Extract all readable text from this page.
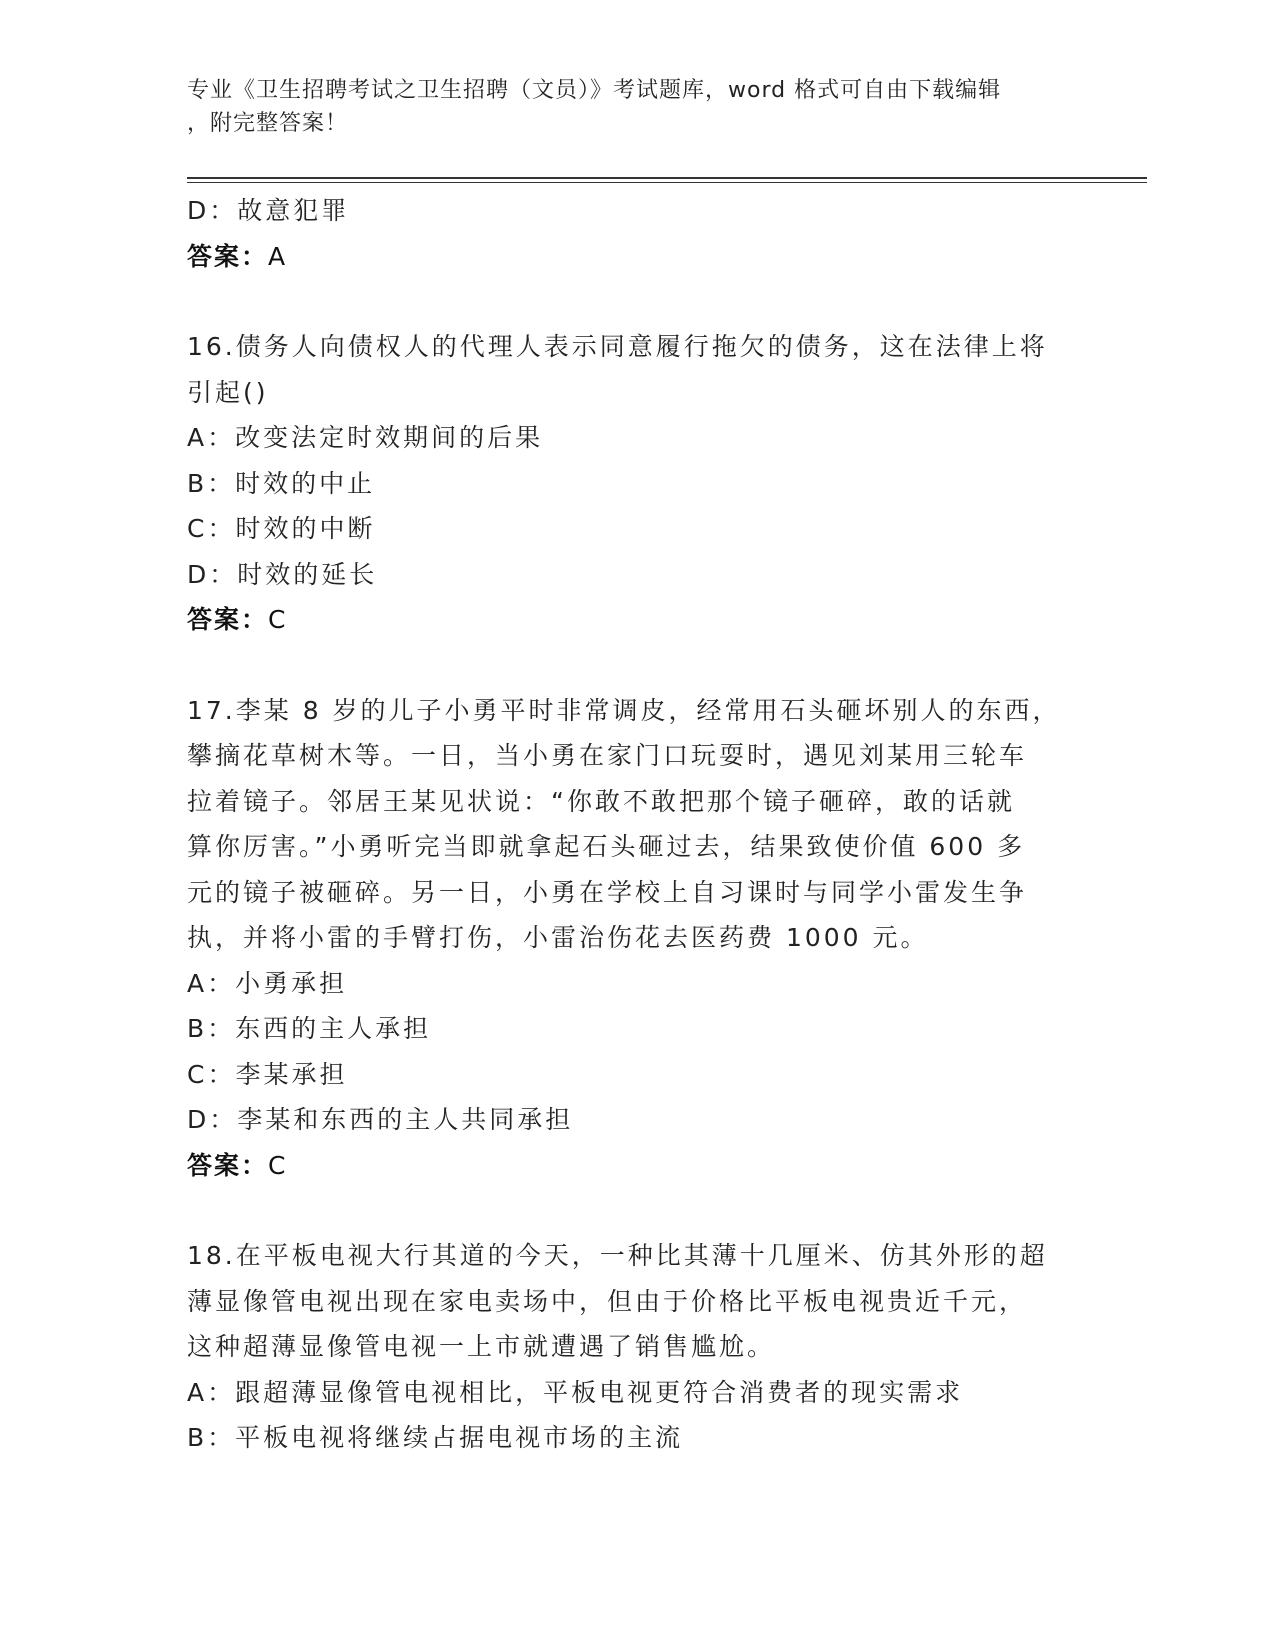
专业《卫生招聘考试之卫生招聘（文员）》考试题库，word 格式可自由下载编辑
，附完整答案！
D：故意犯罪
答案：A
16.债务人向债权人的代理人表示同意履行拖欠的债务，这在法律上将
引起()
A：改变法定时效期间的后果
B：时效的中止
C：时效的中断
D：时效的延长
答案：C
17.李某 8 岁的儿子小勇平时非常调皮，经常用石头砸坏别人的东西，
攀摘花草树木等。一日，当小勇在家门口玩耍时，遇见刘某用三轮车
拉着镜子。邻居王某见状说：“你敢不敢把那个镜子砸碎，敢的话就
算你厉害。”小勇听完当即就拿起石头砸过去，结果致使价值 600 多
元的镜子被砸碎。另一日，小勇在学校上自习课时与同学小雷发生争
执，并将小雷的手臂打伤，小雷治伤花去医药费 1000 元。
A：小勇承担
B：东西的主人承担
C：李某承担
D：李某和东西的主人共同承担
答案：C
18.在平板电视大行其道的今天，一种比其薄十几厘米、仿其外形的超
薄显像管电视出现在家电卖场中，但由于价格比平板电视贵近千元，
这种超薄显像管电视一上市就遭遇了销售尴尬。
A：跟超薄显像管电视相比，平板电视更符合消费者的现实需求
B：平板电视将继续占据电视市场的主流
